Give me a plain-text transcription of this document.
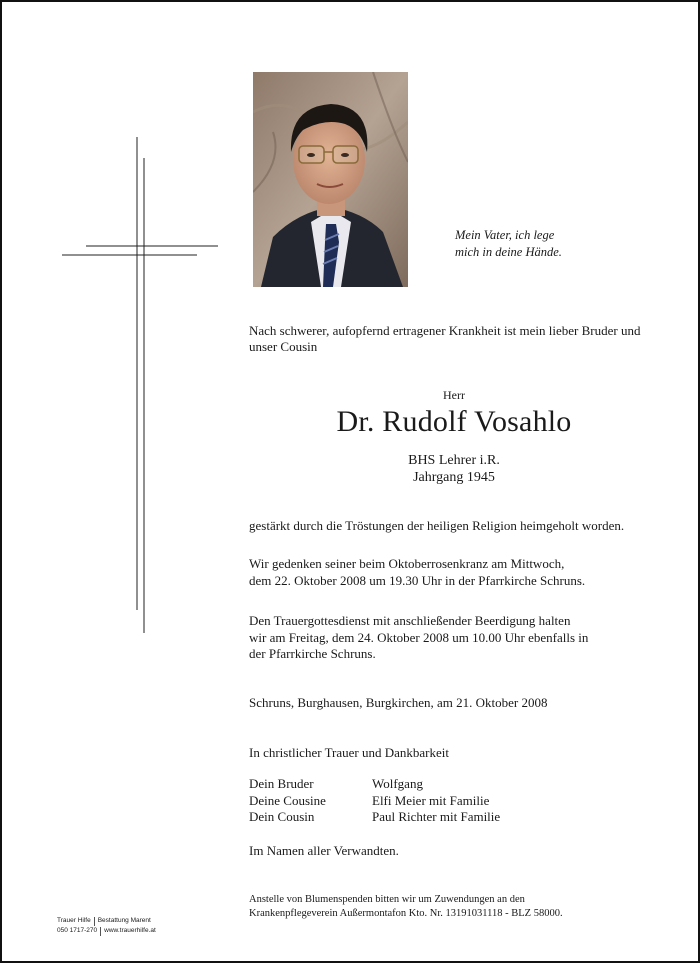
Mein Vater, ich lege
mich in deine Hände.
Nach schwerer, aufopfernd ertragener Krankheit ist mein lieber Bruder und unser Cousin
Herr
Dr. Rudolf Vosahlo
BHS Lehrer i.R.
Jahrgang 1945
gestärkt durch die Tröstungen der heiligen Religion heimgeholt worden.
Wir gedenken seiner beim Oktoberrosenkranz am Mittwoch,
dem 22. Oktober 2008 um 19.30 Uhr in der Pfarrkirche Schruns.
Den Trauergottesdienst mit anschließender Beerdigung halten
wir am Freitag, dem 24. Oktober 2008 um 10.00 Uhr ebenfalls in
der Pfarrkirche Schruns.
Schruns, Burghausen, Burgkirchen, am 21. Oktober 2008
In christlicher Trauer und Dankbarkeit
Dein Bruder	Wolfgang
Deine Cousine	Elfi Meier mit Familie
Dein Cousin	Paul Richter mit Familie
Im Namen aller Verwandten.
Anstelle von Blumenspenden bitten wir um Zuwendungen an den
Krankenpflegeverein Außermontafon Kto. Nr. 13191031118 - BLZ 58000.
Trauer Hilfe Bestattung Marent
050 1717-270 www.trauerhilfe.at
